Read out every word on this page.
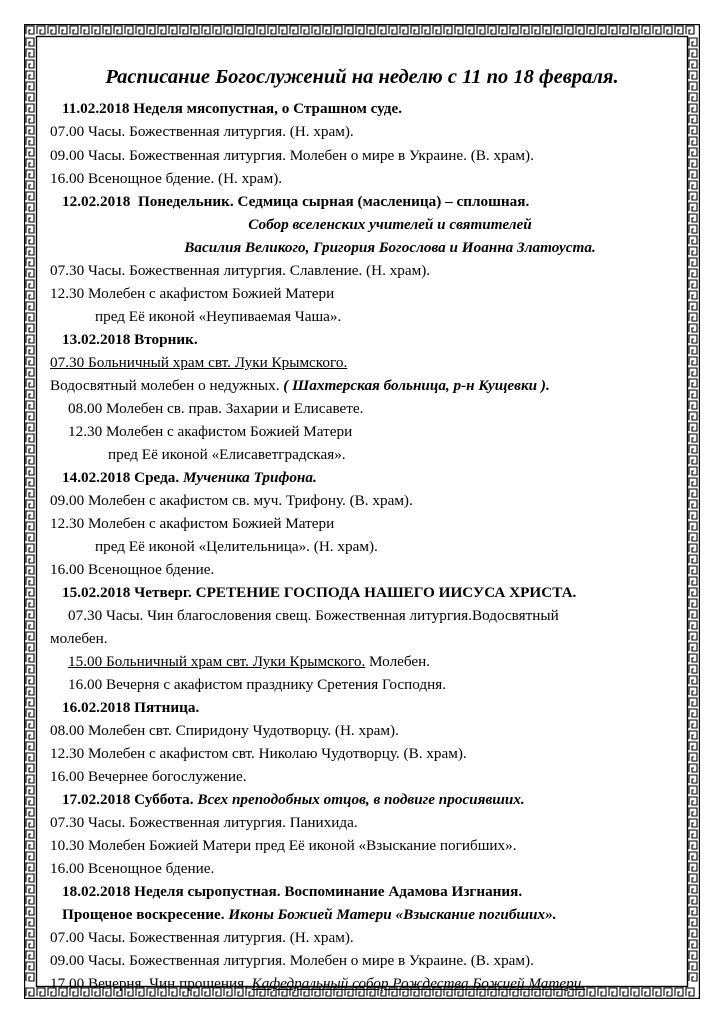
Расписание Богослужений на неделю с 11 по 18 февраля.
11.02.2018 Неделя мясопустная, о Страшном суде.
07.00 Часы. Божественная литургия. (Н. храм).
09.00 Часы. Божественная литургия. Молебен о мире в Украине. (В. храм).
16.00 Всенощное бдение. (Н. храм).
12.02.2018 Понедельник. Седмица сырная (масленица) – сплошная.
Собор вселенских учителей и святителей
Василия Великого, Григория Богослова и Иоанна Златоуста.
07.30 Часы. Божественная литургия. Славление. (Н. храм).
12.30 Молебен с акафистом Божией Матери
пред Её иконой «Неупиваемая Чаша».
13.02.2018 Вторник.
07.30 Больничный храм свт. Луки Крымского.
Водосвятный молебен о недужных. ( Шахтерская больница, р-н Кущевки ).
08.00 Молебен св. прав. Захарии и Елисавете.
12.30 Молебен с акафистом Божией Матери
пред Её иконой «Елисаветградская».
14.02.2018 Среда. Мученика Трифона.
09.00 Молебен с акафистом св. муч. Трифону. (В. храм).
12.30 Молебен с акафистом Божией Матери
пред Её иконой «Целительница». (Н. храм).
16.00 Всенощное бдение.
15.02.2018 Четверг. СРЕТЕНИЕ ГОСПОДА НАШЕГО ИИСУСА ХРИСТА.
07.30 Часы. Чин благословения свещ. Божественная литургия.Водосвятный
молебен.
15.00 Больничный храм свт. Луки Крымского. Молебен.
16.00 Вечерня с акафистом празднику Сретения Господня.
16.02.2018 Пятница.
08.00 Молебен свт. Спиридону Чудотворцу. (Н. храм).
12.30 Молебен с акафистом свт. Николаю Чудотворцу. (В. храм).
16.00 Вечернее богослужение.
17.02.2018 Суббота. Всех преподобных отцов, в подвиге просиявших.
07.30 Часы. Божественная литургия. Панихида.
10.30 Молебен Божией Матери пред Её иконой «Взыскание погибших».
16.00 Всенощное бдение.
18.02.2018 Неделя сыропустная. Воспоминание Адамова Изгнания.
Прощеное воскресение. Иконы Божией Матери «Взыскание погибших».
07.00 Часы. Божественная литургия. (Н. храм).
09.00 Часы. Божественная литургия. Молебен о мире в Украине. (В. храм).
17.00 Вечерня. Чин прощения. Кафедральный собор Рождества Божией Матери.
